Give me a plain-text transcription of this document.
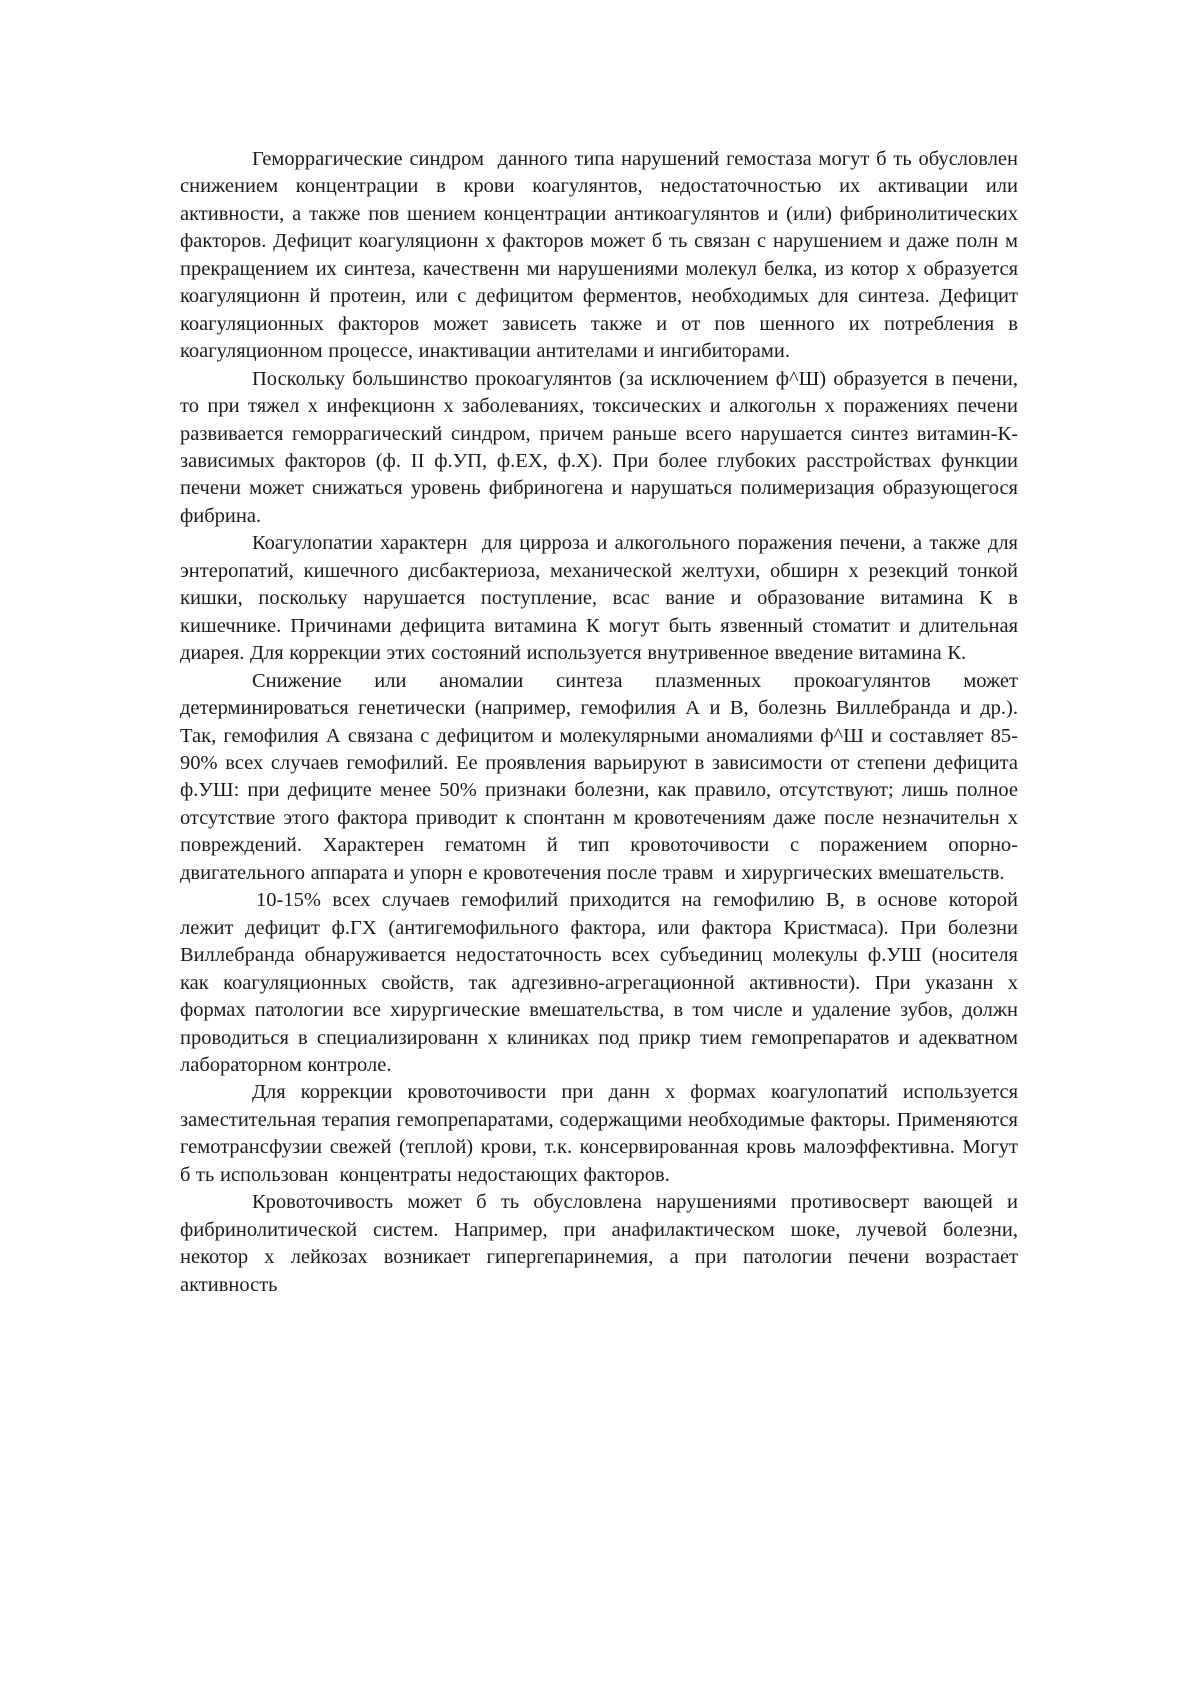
Геморрагические синдром  данного типа нарушений гемостаза могут б ть обусловлен  снижением концентрации в крови коагулянтов, недостаточностью их активации или активности, а также пов шением концентрации антикоагулянтов и (или) фибринолитических факторов. Дефицит коагуляционн х факторов может б ть связан с нарушением и даже полн м прекращением их синтеза, качественн ми нарушениями молекул белка, из котор х образуется коагуляционн й протеин, или с дефицитом ферментов, необходимых для синтеза. Дефицит коагуляционных факторов может зависеть также и от пов шенного их потребления в коагуляционном процессе, инактивации антителами и ингибиторами.

Поскольку большинство прокоагулянтов (за исключением ф^Ш) образуется в печени, то при тяжел х инфекционн х заболеваниях, токсических и алкогольн х поражениях печени развивается геморрагический синдром, причем раньше всего нарушается синтез витамин-К-зависимых факторов (ф. II ф.УП, ф.ЕХ, ф.Х). При более глубоких расстройствах функции печени может снижаться уровень фибриногена и нарушаться полимеризация образующегося фибрина.

Коагулопатии характерн  для цирроза и алкогольного поражения печени, а также для энтеропатий, кишечного дисбактериоза, механической желтухи, обширн х резекций тонкой кишки, поскольку нарушается поступление, всас вание и образование витамина К в кишечнике. Причинами дефицита витамина К могут быть язвенный стоматит и длительная диарея. Для коррекции этих состояний используется внутривенное введение витамина К.

Снижение или аномалии синтеза плазменных прокоагулянтов может детерминироваться генетически (например, гемофилия А и В, болезнь Виллебранда и др.). Так, гемофилия А связана с дефицитом и молекулярными аномалиями ф^Ш и составляет 85-90% всех случаев гемофилий. Ее проявления варьируют в зависимости от степени дефицита ф.УШ: при дефиците менее 50% признаки болезни, как правило, отсутствуют; лишь полное отсутствие этого фактора приводит к спонтанн м кровотечениям даже после незначительн х повреждений. Характерен гематомн й тип кровоточивости с поражением опорно-двигательного аппарата и упорн е кровотечения после травм  и хирургических вмешательств.

10-15% всех случаев гемофилий приходится на гемофилию В, в основе которой лежит дефицит ф.ГХ (антигемофильного фактора, или фактора Кристмаса). При болезни Виллебранда обнаруживается недостаточность всех субъединиц молекулы ф.УШ (носителя как коагуляционных свойств, так адгезивно-агрегационной активности). При указанн х формах патологии все хирургические вмешательства, в том числе и удаление зубов, должн  проводиться в специализированн х клиниках под прикр тием гемопрепаратов и адекватном лабораторном контроле.

Для коррекции кровоточивости при данн х формах коагулопатий используется заместительная терапия гемопрепаратами, содержащими необходимые факторы. Применяются гемотрансфузии свежей (теплой) крови, т.к. консервированная кровь малоэффективна. Могут б ть использован  концентраты недостающих факторов.

Кровоточивость может б ть обусловлена нарушениями противосверт вающей и фибринолитической систем. Например, при анафилактическом шоке, лучевой болезни, некотор х лейкозах возникает гипергепаринемия, а при патологии печени возрастает активность
